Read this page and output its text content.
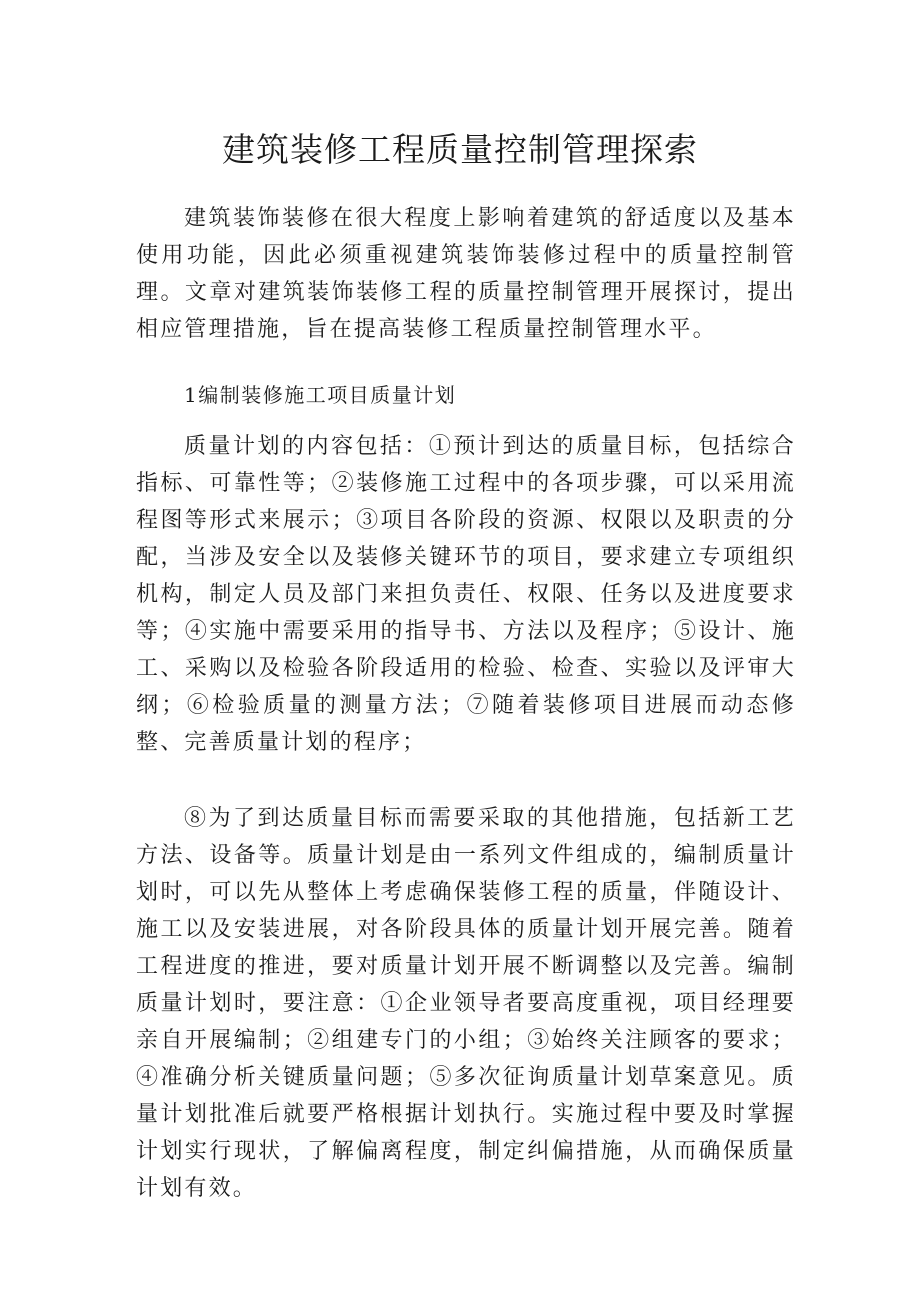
建筑装修工程质量控制管理探索

建筑装饰装修在很大程度上影响着建筑的舒适度以及基本使用功能，因此必须重视建筑装饰装修过程中的质量控制管理。文章对建筑装饰装修工程的质量控制管理开展探讨，提出相应管理措施，旨在提高装修工程质量控制管理水平。

1编制装修施工项目质量计划

质量计划的内容包括：①预计到达的质量目标，包括综合指标、可靠性等；②装修施工过程中的各项步骤，可以采用流程图等形式来展示；③项目各阶段的资源、权限以及职责的分配，当涉及安全以及装修关键环节的项目，要求建立专项组织机构，制定人员及部门来担负责任、权限、任务以及进度要求等；④实施中需要采用的指导书、方法以及程序；⑤设计、施工、采购以及检验各阶段适用的检验、检查、实验以及评审大纲；⑥检验质量的测量方法；⑦随着装修项目进展而动态修整、完善质量计划的程序；

⑧为了到达质量目标而需要采取的其他措施，包括新工艺方法、设备等。质量计划是由一系列文件组成的，编制质量计划时，可以先从整体上考虑确保装修工程的质量，伴随设计、施工以及安装进展，对各阶段具体的质量计划开展完善。随着工程进度的推进，要对质量计划开展不断调整以及完善。编制质量计划时，要注意：①企业领导者要高度重视，项目经理要亲自开展编制；②组建专门的小组；③始终关注顾客的要求；④准确分析关键质量问题；⑤多次征询质量计划草案意见。质量计划批准后就要严格根据计划执行。实施过程中要及时掌握计划实行现状，了解偏离程度，制定纠偏措施，从而确保质量计划有效。
